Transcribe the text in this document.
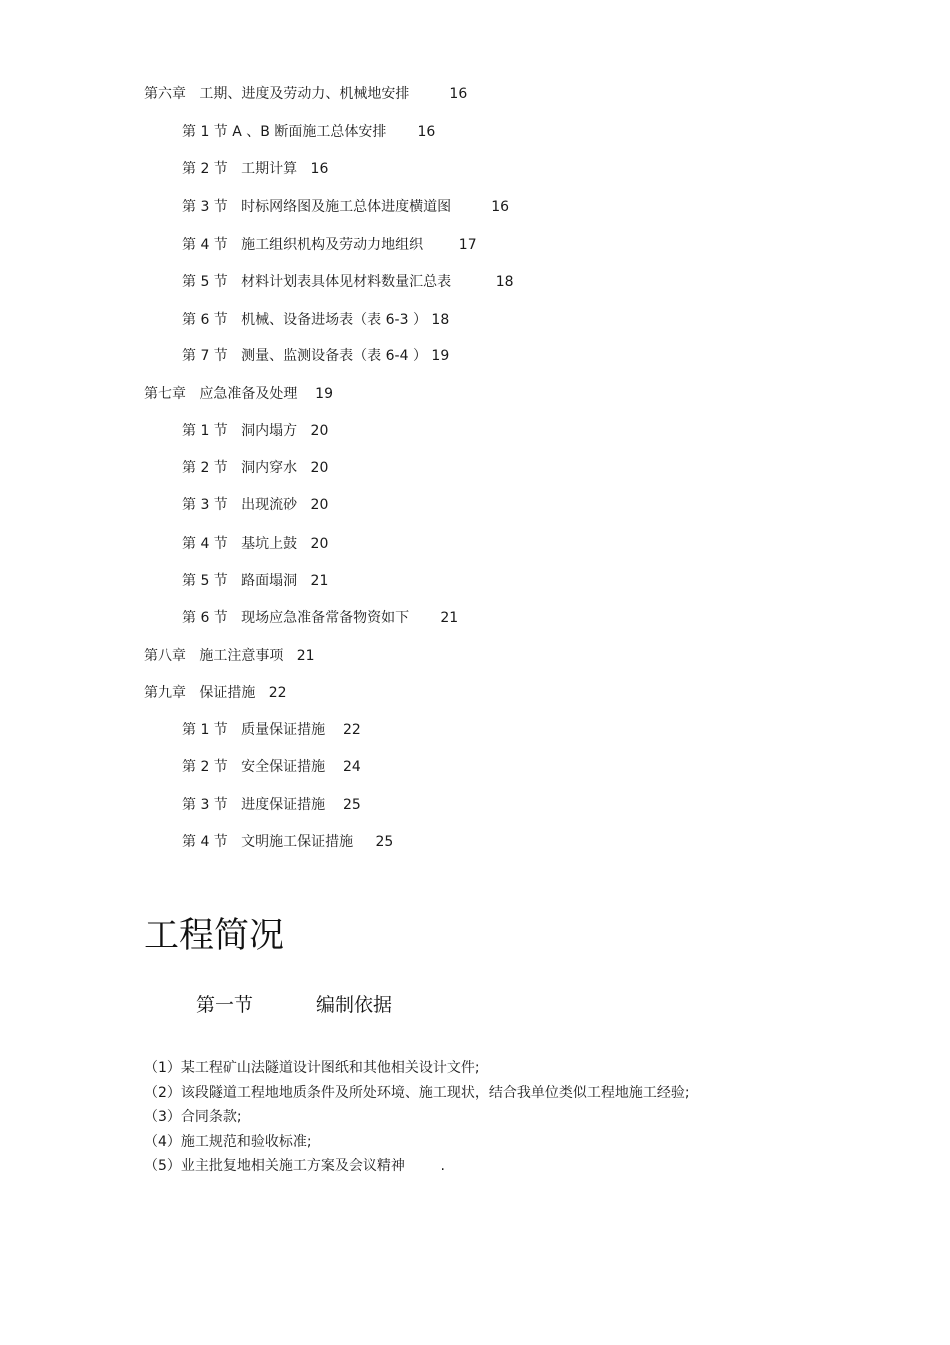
第六章 工期、进度及劳动力、机械地安排	16
第 1 节 A 、B 断面施工总体安排 16
第 2 节 工期计算 16
第 3 节 时标网络图及施工总体进度横道图	16
第 4 节 施工组织机构及劳动力地组织	17
第 5 节 材料计划表具体见材料数量汇总表	18
第 6 节 机械、设备进场表（表 6-3 ） 18
第 7 节 测量、监测设备表（表 6-4 ） 19
第七章 应急准备及处理 19
第 1 节 洞内塌方 20
第 2 节 洞内穿水 20
第 3 节 出现流砂 20
第 4 节 基坑上鼓 20
第 5 节 路面塌洞 21
第 6 节 现场应急准备常备物资如下 21
第八章 施工注意事项 21
第九章 保证措施 22
第 1 节 质量保证措施 22
第 2 节 安全保证措施 24
第 3 节 进度保证措施 25
第 4 节 文明施工保证措施 25
工程简况
第一节	编制依据
（1）某工程矿山法隧道设计图纸和其他相关设计文件;
（2）该段隧道工程地地质条件及所处环境、施工现状，结合我单位类似工程地施工经验;
（3）合同条款;
（4）施工规范和验收标准;
（5）业主批复地相关施工方案及会议精神        .
